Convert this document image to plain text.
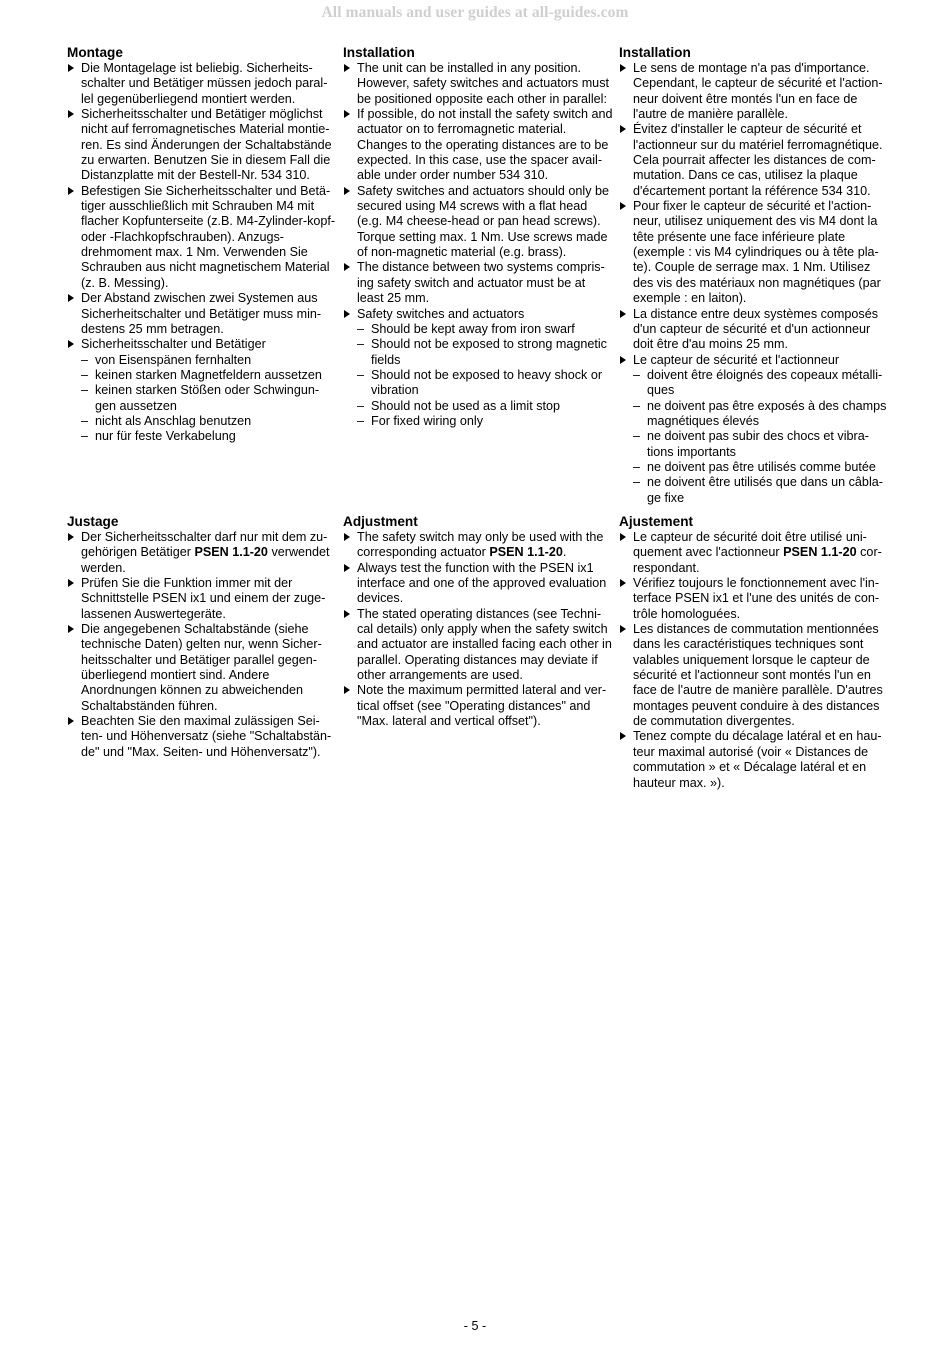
All manuals and user guides at all-guides.com
Montage
Die Montagelage ist beliebig. Sicherheits-schalter und Betätiger müssen jedoch paral-lel gegenüberliegend montiert werden.
Sicherheitsschalter und Betätiger möglichst nicht auf ferromagnetisches Material montie-ren. Es sind Änderungen der Schaltabstände zu erwarten. Benutzen Sie in diesem Fall die Distanzplatte mit der Bestell-Nr. 534 310.
Befestigen Sie Sicherheitsschalter und Betä-tiger ausschließlich mit Schrauben M4 mit flacher Kopfunterseite (z.B. M4-Zylinder-kopf- oder -Flachkopfschrauben). Anzugs-drehmoment max. 1 Nm. Verwenden Sie Schrauben aus nicht magnetischem Material (z. B. Messing).
Der Abstand zwischen zwei Systemen aus Sicherheitschalter und Betätiger muss min-destens 25 mm betragen.
Sicherheitsschalter und Betätiger
– von Eisenspänen fernhalten
– keinen starken Magnetfeldern aussetzen
– keinen starken Stößen oder Schwingun-gen aussetzen
– nicht als Anschlag benutzen
– nur für feste Verkabelung
Installation
The unit can be installed in any position. However, safety switches and actuators must be positioned opposite each other in parallel:
If possible, do not install the safety switch and actuator on to ferromagnetic material. Changes to the operating distances are to be expected. In this case, use the spacer avail-able under order number 534 310.
Safety switches and actuators should only be secured using M4 screws with a flat head (e.g. M4 cheese-head or pan head screws). Torque setting max. 1 Nm. Use screws made of non-magnetic material (e.g. brass).
The distance between two systems compris-ing safety switch and actuator must be at least 25 mm.
Safety switches and actuators
– Should be kept away from iron swarf
– Should not be exposed to strong magnetic fields
– Should not be exposed to heavy shock or vibration
– Should not be used as a limit stop
– For fixed wiring only
Installation
Le sens de montage n'a pas d'importance. Cependant, le capteur de sécurité et l'action-neur doivent être montés l'un en face de l'autre de manière parallèle.
Évitez d'installer le capteur de sécurité et l'actionneur sur du matériel ferromagnétique. Cela pourrait affecter les distances de com-mutation. Dans ce cas, utilisez la plaque d'écartement portant la référence 534 310.
Pour fixer le capteur de sécurité et l'action-neur, utilisez uniquement des vis M4 dont la tête présente une face inférieure plate (exemple : vis M4 cylindriques ou à tête pla-te). Couple de serrage max. 1 Nm. Utilisez des vis des matériaux non magnétiques (par exemple : en laiton).
La distance entre deux systèmes composés d'un capteur de sécurité et d'un actionneur doit être d'au moins 25 mm.
Le capteur de sécurité et l'actionneur
– doivent être éloignés des copeaux métalli-ques
– ne doivent pas être exposés à des champs magnétiques élevés
– ne doivent pas subir des chocs et vibra-tions importants
– ne doivent pas être utilisés comme butée
– ne doivent être utilisés que dans un câbla-ge fixe
Justage
Der Sicherheitsschalter darf nur mit dem zu-gehörigen Betätiger PSEN 1.1-20 verwendet werden.
Prüfen Sie die Funktion immer mit der Schnittstelle PSEN ix1 und einem der zuge-lassenen Auswertegeräte.
Die angegebenen Schaltabstände (siehe technische Daten) gelten nur, wenn Sicher-heitsschalter und Betätiger parallel gegen-überliegend montiert sind. Andere Anordnungen können zu abweichenden Schaltabständen führen.
Beachten Sie den maximal zulässigen Sei-ten- und Höhenversatz (siehe "Schaltabstän-de" und "Max. Seiten- und Höhenversatz").
Adjustment
The safety switch may only be used with the corresponding actuator PSEN 1.1-20.
Always test the function with the PSEN ix1 interface and one of the approved evaluation devices.
The stated operating distances (see Techni-cal details) only apply when the safety switch and actuator are installed facing each other in parallel. Operating distances may deviate if other arrangements are used.
Note the maximum permitted lateral and ver-tical offset (see "Operating distances" and "Max. lateral and vertical offset").
Ajustement
Le capteur de sécurité doit être utilisé uni-quement avec l'actionneur PSEN 1.1-20 cor-respondant.
Vérifiez toujours le fonctionnement avec l'in-terface PSEN ix1 et l'une des unités de con-trôle homologuées.
Les distances de commutation mentionnées dans les caractéristiques techniques sont valables uniquement lorsque le capteur de sécurité et l'actionneur sont montés l'un en face de l'autre de manière parallèle. D'autres montages peuvent conduire à des distances de commutation divergentes.
Tenez compte du décalage latéral et en hau-teur maximal autorisé (voir « Distances de commutation » et « Décalage latéral et en hauteur max. »).
- 5 -
